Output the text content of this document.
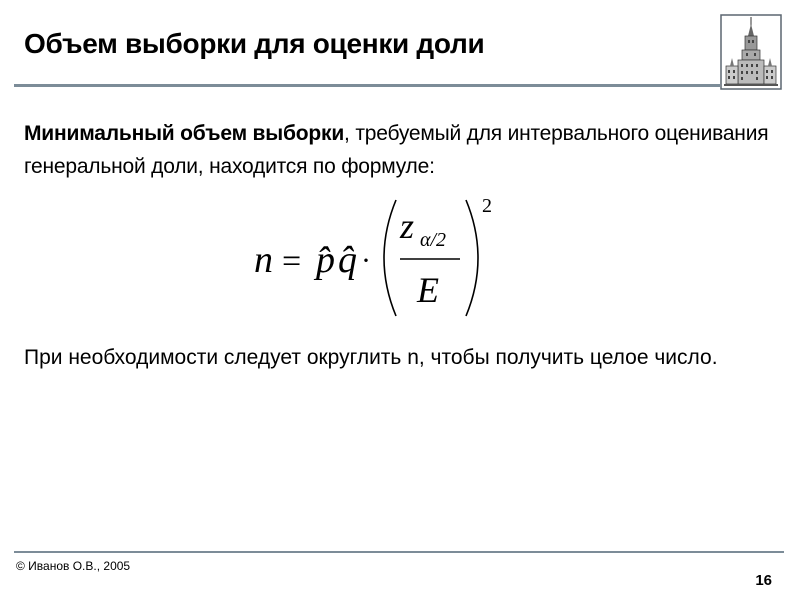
Объем выборки для оценки доли
Минимальный объем выборки, требуемый для интервального оценивания генеральной доли, находится по формуле:
n = p̂ q̂ ·
z α/2
E
2
При необходимости следует округлить n, чтобы получить целое число.
© Иванов О.В., 2005
16
